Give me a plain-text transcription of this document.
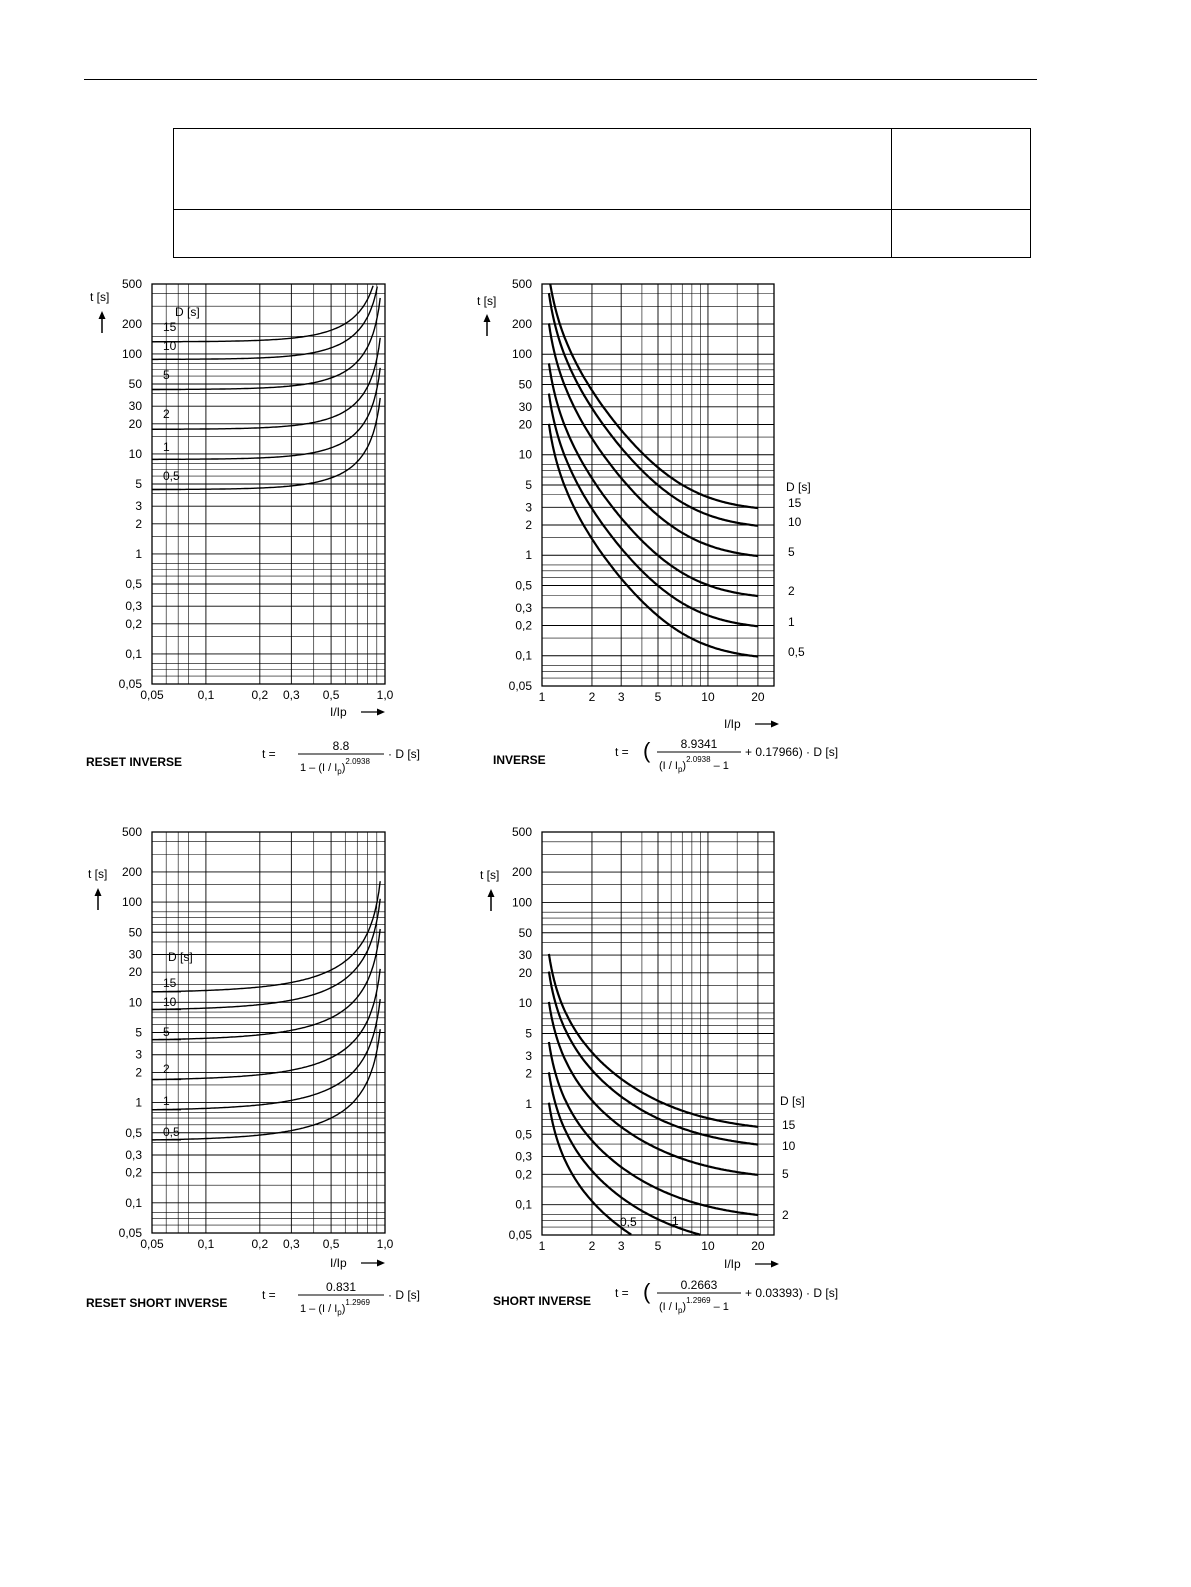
0,05
0,1
0,2
0,3
0,5
1
2
3
5
10
20
30
50
100
200
500
0,05	0,1	0,2 0,3 0,5	1,0
t [s]
I/Ip
D [s]
15
10
5
2
1
0,5
RESET INVERSE
t =
8.8
$1 - (I / I_p)^{2.0938}$
· D [s]
0,05
0,1
0,2
0,3
0,5
1
2
3
5
10
20
30
50
100
200
500
1	2 3	5	10	20
t [s]
I/Ip
D [s]
15
10
5
2
1
0,5
INVERSE
t = (	8.9341
$(I / I_p)^{2.0938} - 1$
+ 0.17966) · D [s]
0,05
0,1
0,2
0,3
0,5
1
2
3
5
10
20
30
50
100
200
500
0,05	0,1	0,2 0,3 0,5	1,0
t [s]
I/Ip
D [s]
15
10
5
2
1
0,5
RESET SHORT INVERSE
t =
0.831
$1 - (I / I_p)^{1.2969}$
· D [s]
0,05
0,1
0,2
0,3
0,5
1
2
3
5
10
20
30
50
100
200
500
1	2 3	5	10	20
t [s]
I/Ip
D [s]
15
10
5
2
1
0,5
SHORT INVERSE
t = (	0.2663
$(I / I_p)^{1.2969} - 1$
+ 0.03393) · D [s]
